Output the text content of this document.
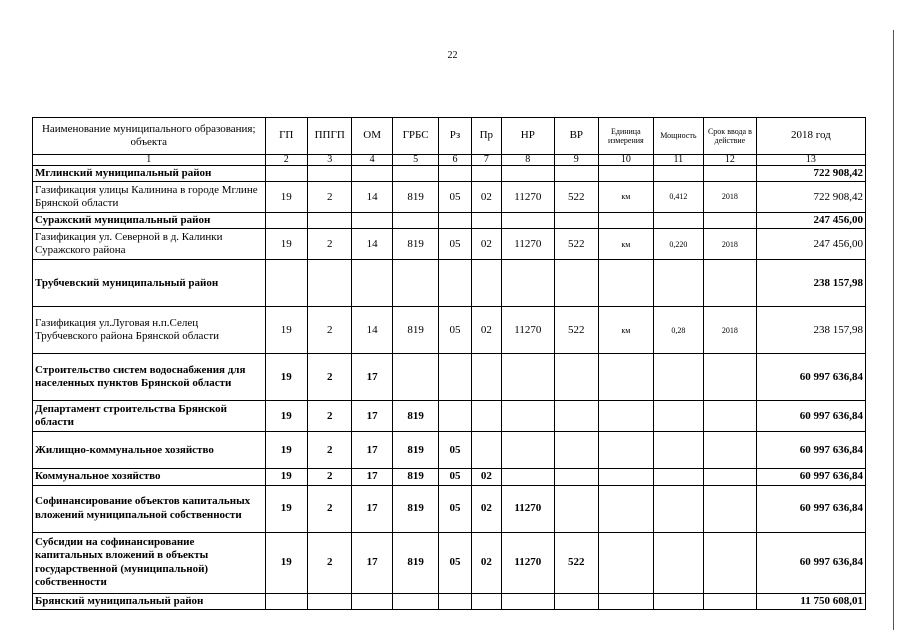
22
Наименование муниципального образования; объекта	ГП	ППГП	ОМ	ГРБС	Рз	Пр	НР	ВР	Единица измерения	Мощность	Срок ввода в действие	2018 год
1	2	3	4	5	6	7	8	9	10	11	12	13
Мглинский муниципальный район												722 908,42
Газификация улицы Калинина в городе Мглине Брянской области	19	2	14	819	05	02	11270	522	км	0,412	2018	722 908,42
Суражский муниципальный район												247 456,00
Газификация ул. Северной в д. Калинки Суражского района	19	2	14	819	05	02	11270	522	км	0,220	2018	247 456,00
Трубчевский муниципальный район												238 157,98
Газификация ул.Луговая н.п.Селец Трубчевского района Брянской области	19	2	14	819	05	02	11270	522	км	0,28	2018	238 157,98
Строительство систем водоснабжения для населенных пунктов Брянской области	19	2	17									60 997 636,84
Департамент строительства Брянской области	19	2	17	819								60 997 636,84
Жилищно-коммунальное хозяйство	19	2	17	819	05							60 997 636,84
Коммунальное хозяйство	19	2	17	819	05	02						60 997 636,84
Софинансирование объектов капитальных вложений муниципальной собственности	19	2	17	819	05	02	11270					60 997 636,84
Субсидии на софинансирование капитальных вложений в объекты государственной (муниципальной) собственности	19	2	17	819	05	02	11270	522				60 997 636,84
Брянский муниципальный район												11 750 608,01
